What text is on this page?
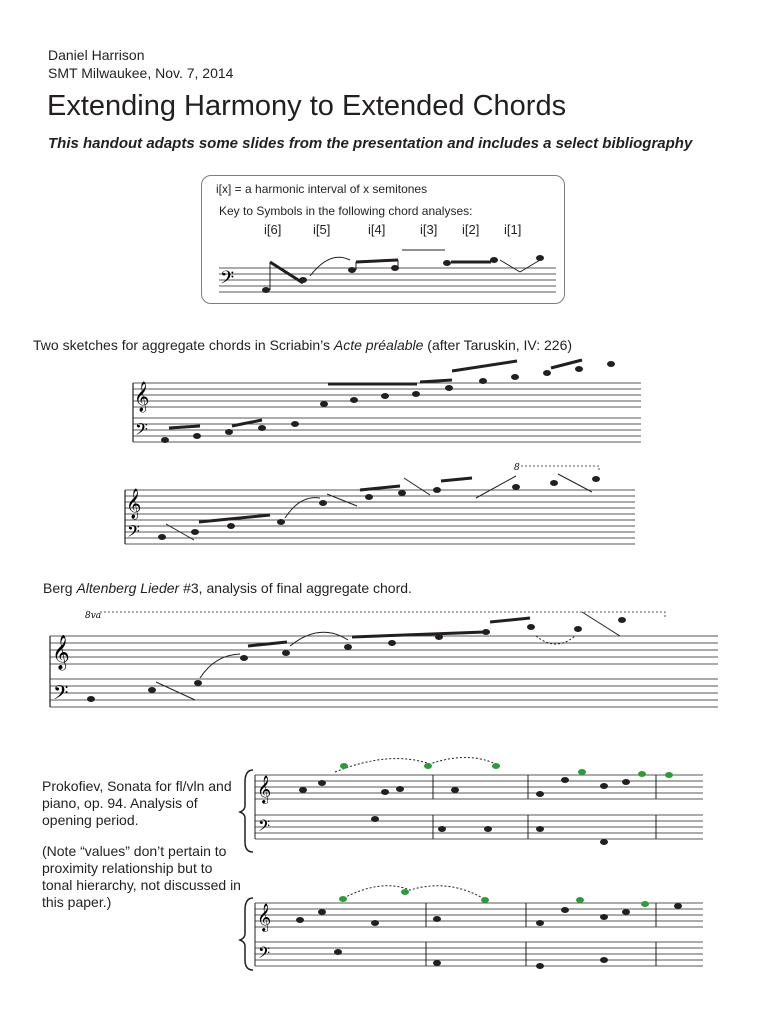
Daniel Harrison
SMT Milwaukee, Nov. 7, 2014
Extending Harmony to Extended Chords
This handout adapts some slides from the presentation and includes a select bibliography
i[x] = a harmonic interval of x semitones
Key to Symbols in the following chord analyses:
i[6] i[5]	i[4]	i[3] i[2] i[1]
Two sketches for aggregate chords in Scriabin’s Acte préalable (after Taruskin, IV: 226)
Berg Altenberg Lieder #3, analysis of final aggregate chord.

Prokofiev, Sonata for fl/vln and piano, op. 94. Analysis of opening period.

(Note “values” don’t pertain to proximity relationship but to tonal hierarchy, not discussed in this paper.)

𝄢
𝄞
𝄢
𝄞
𝄢
8
8va
𝄞
𝄢
𝄞
𝄢
𝄞
𝄢
